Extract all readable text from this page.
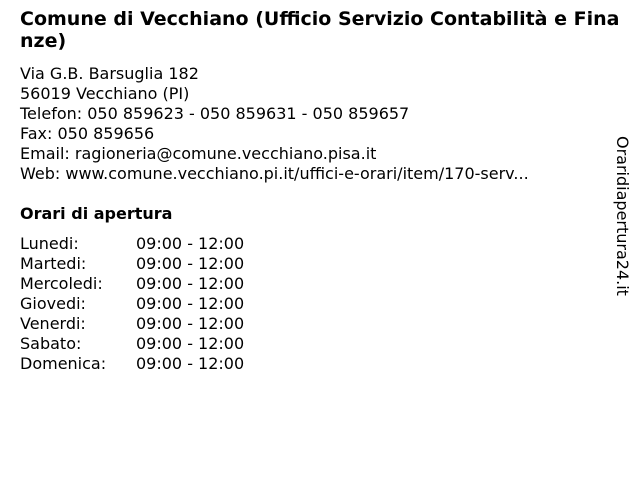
Comune di Vecchiano (Ufficio Servizio Contabilità e Finanze)
Via G.B. Barsuglia 182
56019 Vecchiano (PI)
Telefon: 050 859623 - 050 859631 - 050 859657
Fax: 050 859656
Email: ragioneria@comune.vecchiano.pisa.it
Web: www.comune.vecchiano.pi.it/uffici-e-orari/item/170-serv...
Orari di apertura
Lunedi:	09:00 - 12:00
Martedi:	09:00 - 12:00
Mercoledi: 09:00 - 12:00
Giovedi:	09:00 - 12:00
Venerdi:	09:00 - 12:00
Sabato:	09:00 - 12:00
Domenica: 09:00 - 12:00
Oraridiapertura24.it
